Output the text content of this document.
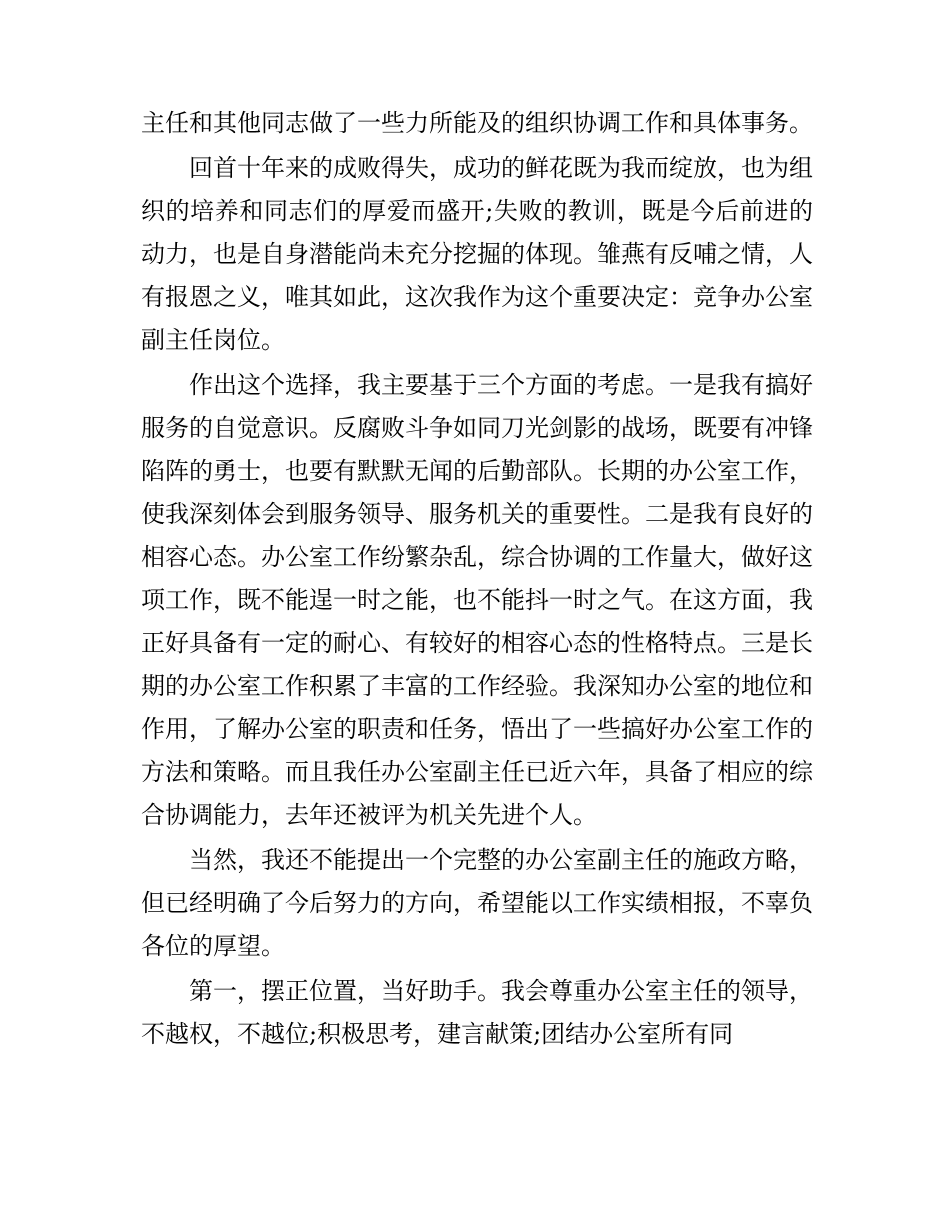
主任和其他同志做了一些力所能及的组织协调工作和具体事务。

回首十年来的成败得失，成功的鲜花既为我而绽放，也为组织的培养和同志们的厚爱而盛开;失败的教训，既是今后前进的动力，也是自身潜能尚未充分挖掘的体现。雏燕有反哺之情，人有报恩之义，唯其如此，这次我作为这个重要决定：竞争办公室副主任岗位。

作出这个选择，我主要基于三个方面的考虑。一是我有搞好服务的自觉意识。反腐败斗争如同刀光剑影的战场，既要有冲锋陷阵的勇士，也要有默默无闻的后勤部队。长期的办公室工作，使我深刻体会到服务领导、服务机关的重要性。二是我有良好的相容心态。办公室工作纷繁杂乱，综合协调的工作量大，做好这项工作，既不能逞一时之能，也不能抖一时之气。在这方面，我正好具备有一定的耐心、有较好的相容心态的性格特点。三是长期的办公室工作积累了丰富的工作经验。我深知办公室的地位和作用，了解办公室的职责和任务，悟出了一些搞好办公室工作的方法和策略。而且我任办公室副主任已近六年，具备了相应的综合协调能力，去年还被评为机关先进个人。

当然，我还不能提出一个完整的办公室副主任的施政方略，但已经明确了今后努力的方向，希望能以工作实绩相报，不辜负各位的厚望。

第一，摆正位置，当好助手。我会尊重办公室主任的领导，不越权，不越位;积极思考，建言献策;团结办公室所有同
